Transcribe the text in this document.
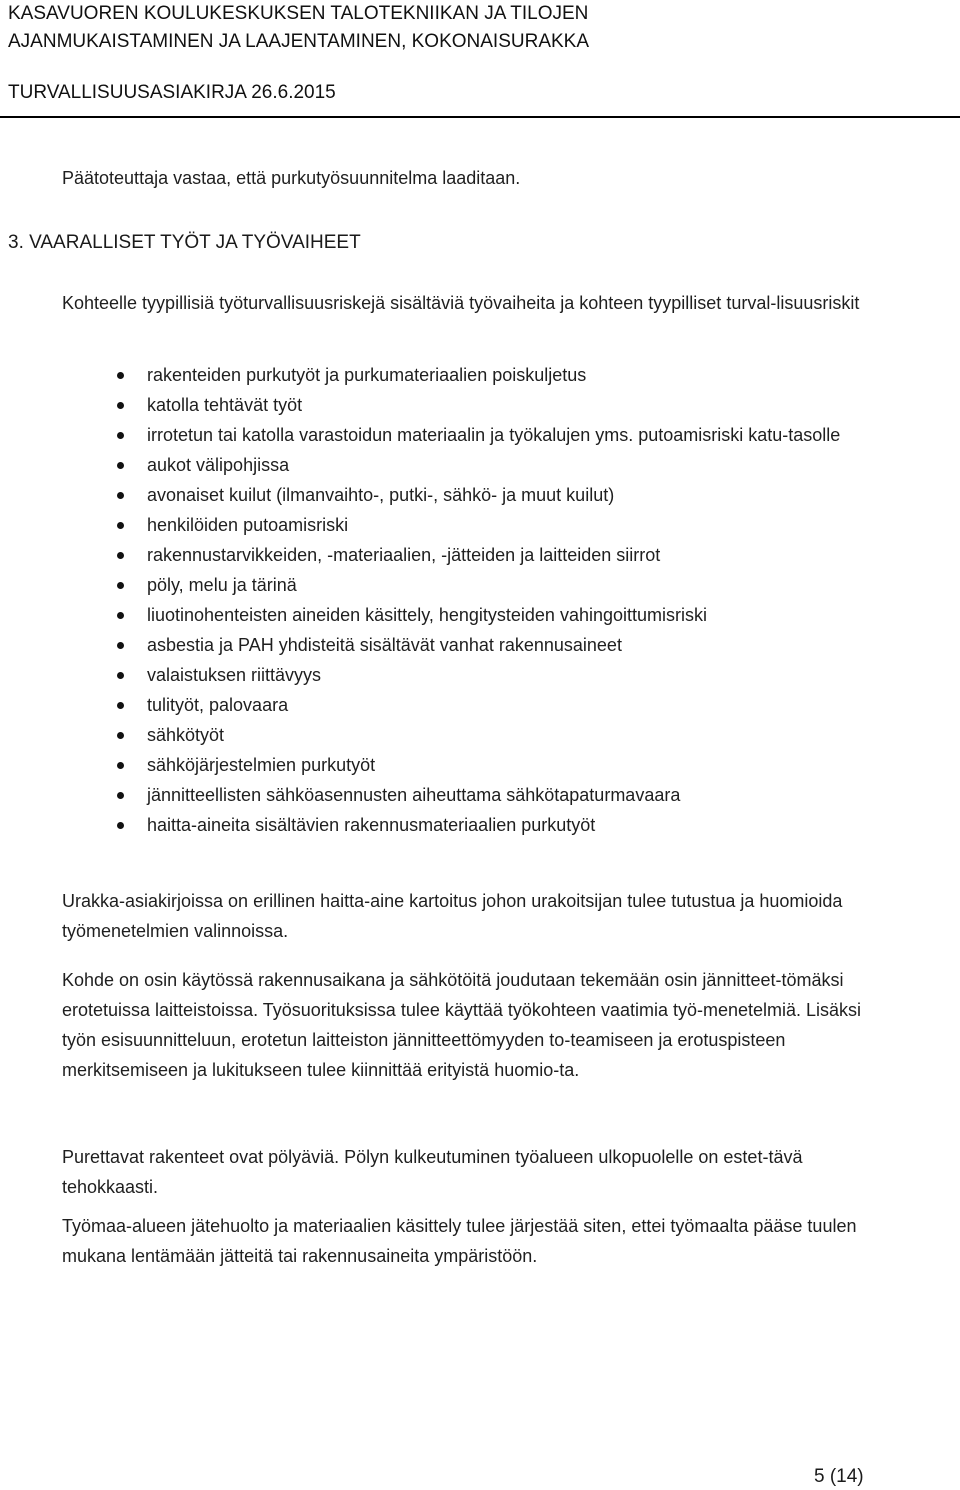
KASAVUOREN KOULUKESKUKSEN TALOTEKNIIKAN JA TILOJEN
AJANMUKAISTAMINEN JA LAAJENTAMINEN, KOKONAISURAKKA
TURVALLISUUSASIAKIRJA 26.6.2015
Päätoteuttaja vastaa, että purkutyösuunnitelma laaditaan.
3. VAARALLISET TYÖT JA TYÖVAIHEET
Kohteelle tyypillisiä työturvallisuusriskejä sisältäviä työvaiheita ja kohteen tyypilliset turval-lisuusriskit
rakenteiden purkutyöt ja purkumateriaalien poiskuljetus
katolla tehtävät työt
irrotetun tai katolla varastoidun materiaalin ja työkalujen yms. putoamisriski katu-tasolle
aukot välipohjissa
avonaiset kuilut (ilmanvaihto-, putki-, sähkö- ja muut kuilut)
henkilöiden putoamisriski
rakennustarvikkeiden, -materiaalien, -jätteiden ja laitteiden siirrot
pöly, melu ja tärinä
liuotinohenteisten aineiden käsittely, hengitysteiden vahingoittumisriski
asbestia ja PAH yhdisteitä sisältävät vanhat rakennusaineet
valaistuksen riittävyys
tulityöt, palovaara
sähkötyöt
sähköjärjestelmien purkutyöt
jännitteellisten sähköasennusten aiheuttama sähkötapaturmavaara
haitta-aineita sisältävien rakennusmateriaalien purkutyöt
Urakka-asiakirjoissa on erillinen haitta-aine kartoitus johon urakoitsijan tulee tutustua ja huomioida työmenetelmien valinnoissa.
Kohde on osin käytössä rakennusaikana ja sähkötöitä joudutaan tekemään osin jännitteet-tömäksi erotetuissa laitteistoissa. Työsuorituksissa tulee käyttää työkohteen vaatimia työ-menetelmiä. Lisäksi työn esisuunnitteluun, erotetun laitteiston jännitteettömyyden to-teamiseen ja erotuspisteen merkitsemiseen ja lukitukseen tulee kiinnittää erityistä huomio-ta.
Purettavat rakenteet ovat pölyäviä. Pölyn kulkeutuminen työalueen ulkopuolelle on estet-tävä tehokkaasti.
Työmaa-alueen jätehuolto ja materiaalien käsittely tulee järjestää siten, ettei työmaalta pääse tuulen mukana lentämään jätteitä tai rakennusaineita ympäristöön.
5 (14)
